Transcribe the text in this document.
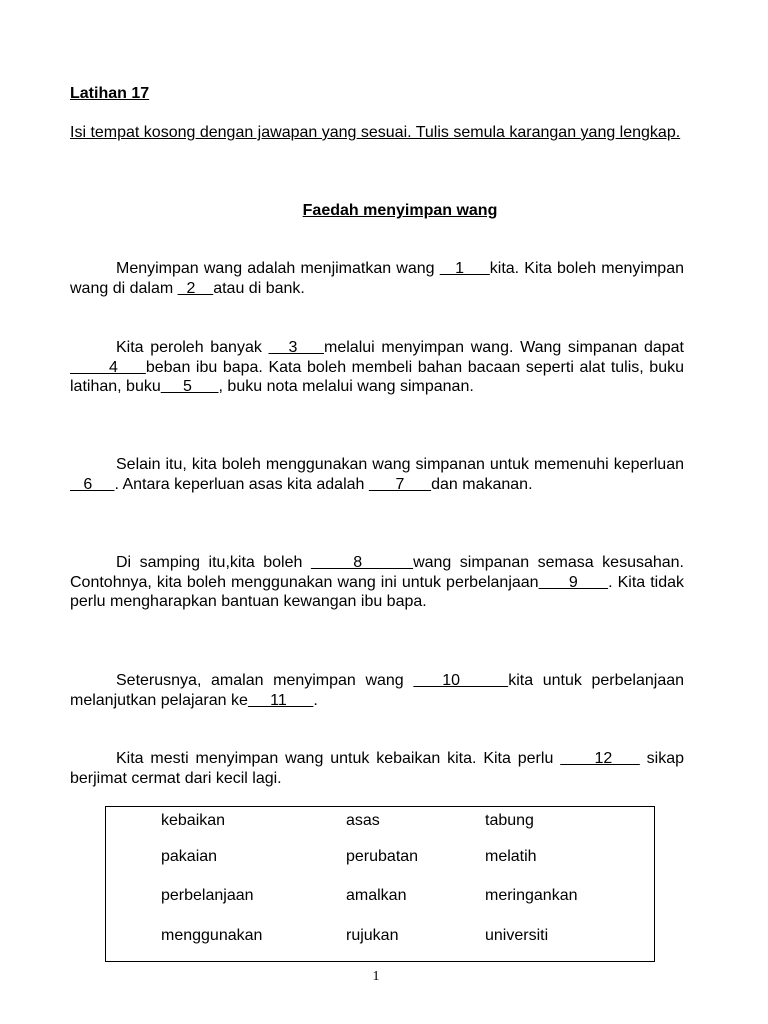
Latihan 17
Isi tempat kosong dengan jawapan yang sesuai. Tulis semula karangan yang lengkap.
Faedah menyimpan wang
Menyimpan wang adalah menjimatkan wang    1     kita. Kita boleh menyimpan wang di dalam   2    atau di bank.
Kita peroleh banyak    3    melalui menyimpan wang. Wang simpanan dapat        4     beban ibu bapa. Kata boleh membeli bahan bacaan seperti alat tulis, buku latihan, buku     5      , buku nota melalui wang simpanan.
Selain itu, kita boleh menggunakan wang simpanan untuk memenuhi keperluan   6     . Antara keperluan asas kita adalah       7      dan makanan.
Di samping itu,kita boleh      8      wang simpanan semasa kesusahan. Contohnya, kita boleh menggunakan wang ini untuk perbelanjaan      9      . Kita tidak perlu mengharapkan bantuan kewangan ibu bapa.
Seterusnya, amalan menyimpan wang    10     kita untuk perbelanjaan melanjutkan pelajaran ke     11      .
Kita mesti menyimpan wang untuk kebaikan kita. Kita perlu      12     sikap berjimat cermat dari kecil lagi.
kebaikan	asas	tabung
pakaian	perubatan	melatih
perbelanjaan	amalkan	meringankan
menggunakan	rujukan	universiti
1
